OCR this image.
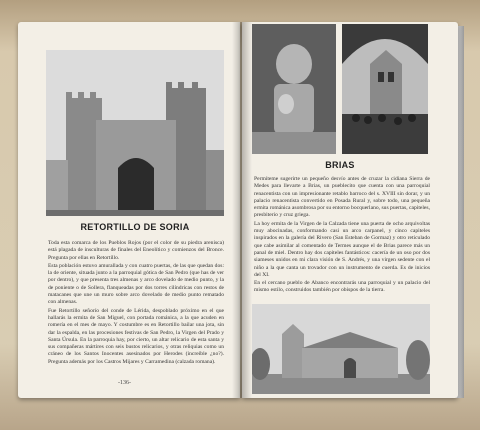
RETORTILLO DE SORIA

Toda esta comarca de los Pueblos Rojos (por el color de su piedra arenisca) está plagada de insculturas de finales del Eneolítico y comienzos del Bronce. Pregunta por ellas en Retortillo.

Esta población estuvo amurallada y con cuatro puertas, de las que quedan dos: la de oriente, situada junto a la parroquial gótica de San Pedro (que has de ver por dentro), y que presenta tres almenas y arco dovelado de medio punto, y la de poniente o de Sollera, flanqueadas por dos torres cilíndricas con restos de matacanes que une un muro sobre arco dovelado de medio punto rematado con almenas.

Fue Retortillo señorío del conde de Lérida, despoblado próximo en el que hallarás la ermita de San Miguel, con portada románica, a la que acuden en romería en el mes de mayo. Y costumbre es en Retortillo bailar una jota, sin dar la espalda, en las procesiones festivas de San Pedro, la Virgen del Prado y Santa Úrsula. En la parroquia hay, por cierto, un altar relicario de esta santa y sus compañeras mártires con seis bustos relicarios, y otras reliquias como un cráneo de los Santos Inocentes asesinados por Herodes (increíble ¿no?). Pregunta además por los Castros Mijares y Carramedina (calzada romana).

-136-
BRIAS

Permíteme sugerirte un pequeño desvío antes de cruzar la cidiana Sierra de Medes para llevarte a Brias, un pueblecito que cuenta con una parroquial renacentista con un impresionante retablo barroco del s. XVIII sin dorar, y un palacio renacentista convertido en Posada Rural y, sobre todo, una pequeña ermita románica asombrosa por su entorno bocquerlano, sus puertas, capiteles, presbiterio y cruz griega.

La hoy ermita de la Virgen de la Calzada tiene una puerta de ocho arquivoltas muy abocinadas, conformando casi un arco carpanel, y cinco capiteles inspirados en la galería del Rivero (San Esteban de Gormaz) y otro reticulado que cabe asimilar al comentado de Termes aunque el de Brias parece más un panal de miel. Dentro hay dos capiteles fantásticos: cacería de un oso por dos siameses unidos en mi clara visión de S. Andrés, y una virgen sedente con el niño a la que canta un trovador con un instrumento de cuerda. Es de inicios del XI.

En el cercano pueblo de Abanco encontrarás una parroquial y un palacio del mismo estilo, construidos también por obispos de la tierra.
